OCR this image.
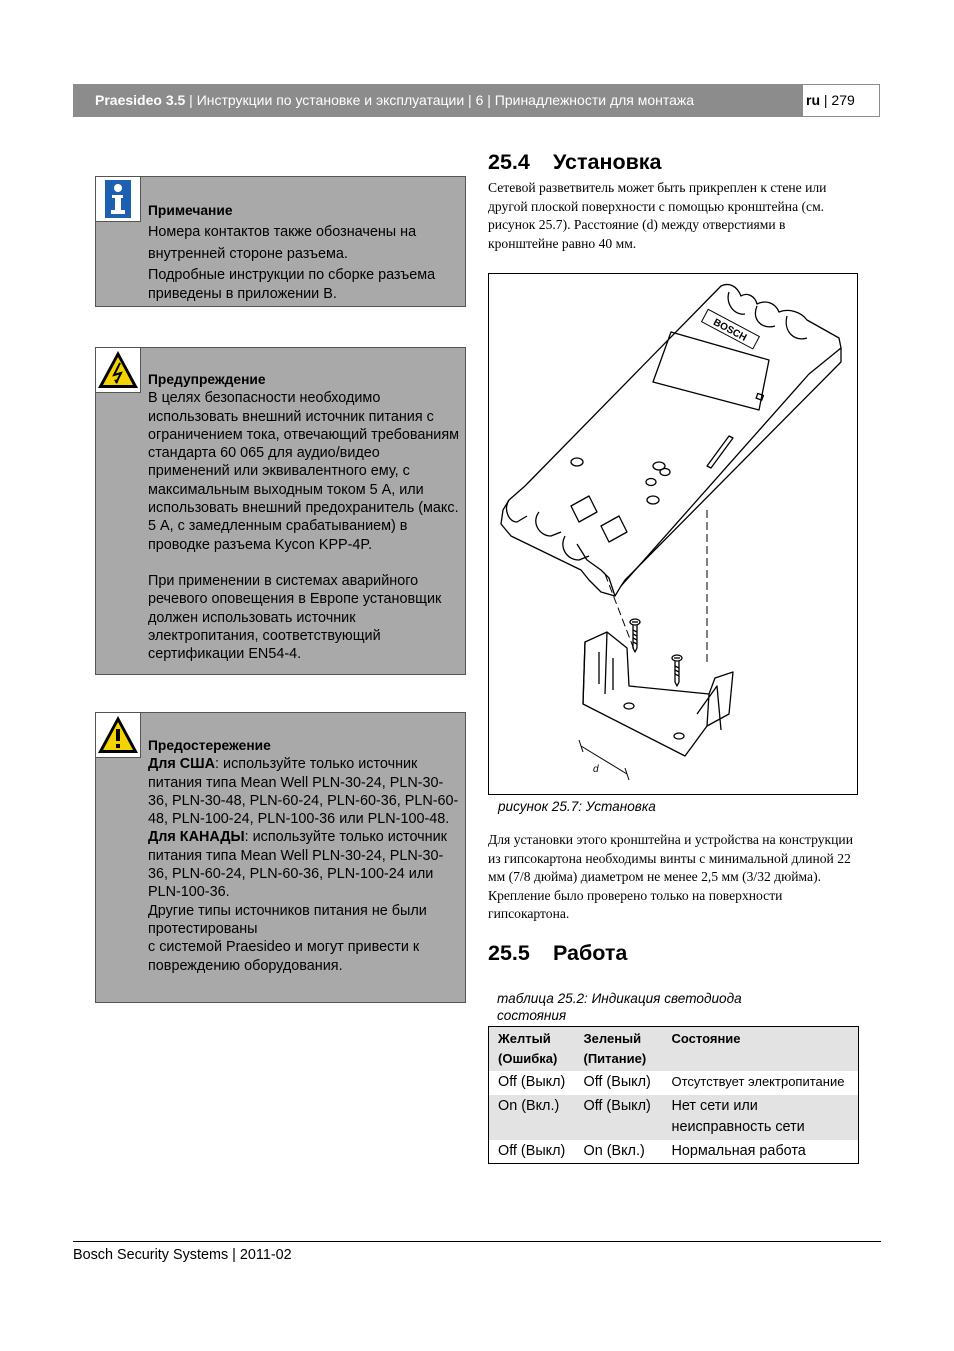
Praesideo 3.5 | Инструкции по установке и эксплуатации | 6 | Принадлежности для монтажа	ru | 279
Примечание

Номера контактов также обозначены на внутренней стороне разъема.

Подробные инструкции по сборке разъема приведены в приложении B.

Предупреждение

В целях безопасности необходимо использовать внешний источник питания с ограничением тока, отвечающий требованиям стандарта 60 065 для аудио/видео применений или эквивалентного ему, с максимальным выходным током 5 A, или использовать внешний предохранитель (макс. 5 А, с замедленным срабатыванием) в проводке разъема Kycon KPP-4P.

При применении в системах аварийного речевого оповещения в Европе установщик должен использовать источник электропитания, соответствующий сертификации EN54-4.

Предостережение

Для США: используйте только источник питания типа Mean Well PLN-30-24, PLN-30-36, PLN-30-48, PLN-60-24, PLN-60-36, PLN-60-48, PLN-100-24, PLN-100-36 или PLN-100-48.

Для КАНАДЫ: используйте только источник питания типа Mean Well PLN-30-24, PLN-30-36, PLN-60-24, PLN-60-36, PLN-100-24 или PLN-100-36.

Другие типы источников питания не были протестированы

с системой Praesideo и могут привести к повреждению оборудования.

25.4 Установка
Сетевой разветвитель может быть прикреплен к стене или другой плоской поверхности с помощью кронштейна (см. рисунок 25.7). Расстояние (d) между отверстиями в кронштейне равно 40 мм.
d
BOSCH
рисунок 25.7: Установка
Для установки этого кронштейна и устройства на конструкции из гипсокартона необходимы винты с минимальной длиной 22 мм (7/8 дюйма) диаметром не менее 2,5 мм (3/32 дюйма). Крепление было проверено только на поверхности гипсокартона.
25.5 Работа
таблица 25.2: Индикация светодиода состояния
Желтый (Ошибка)	Зеленый (Питание)	Состояние
Off (Выкл)	Off (Выкл)	Отсутствует электропитание
On (Вкл.)	Off (Выкл)	Нет сети или неисправность сети
Off (Выкл)	On (Вкл.)	Нормальная работа
Bosch Security Systems | 2011-02
